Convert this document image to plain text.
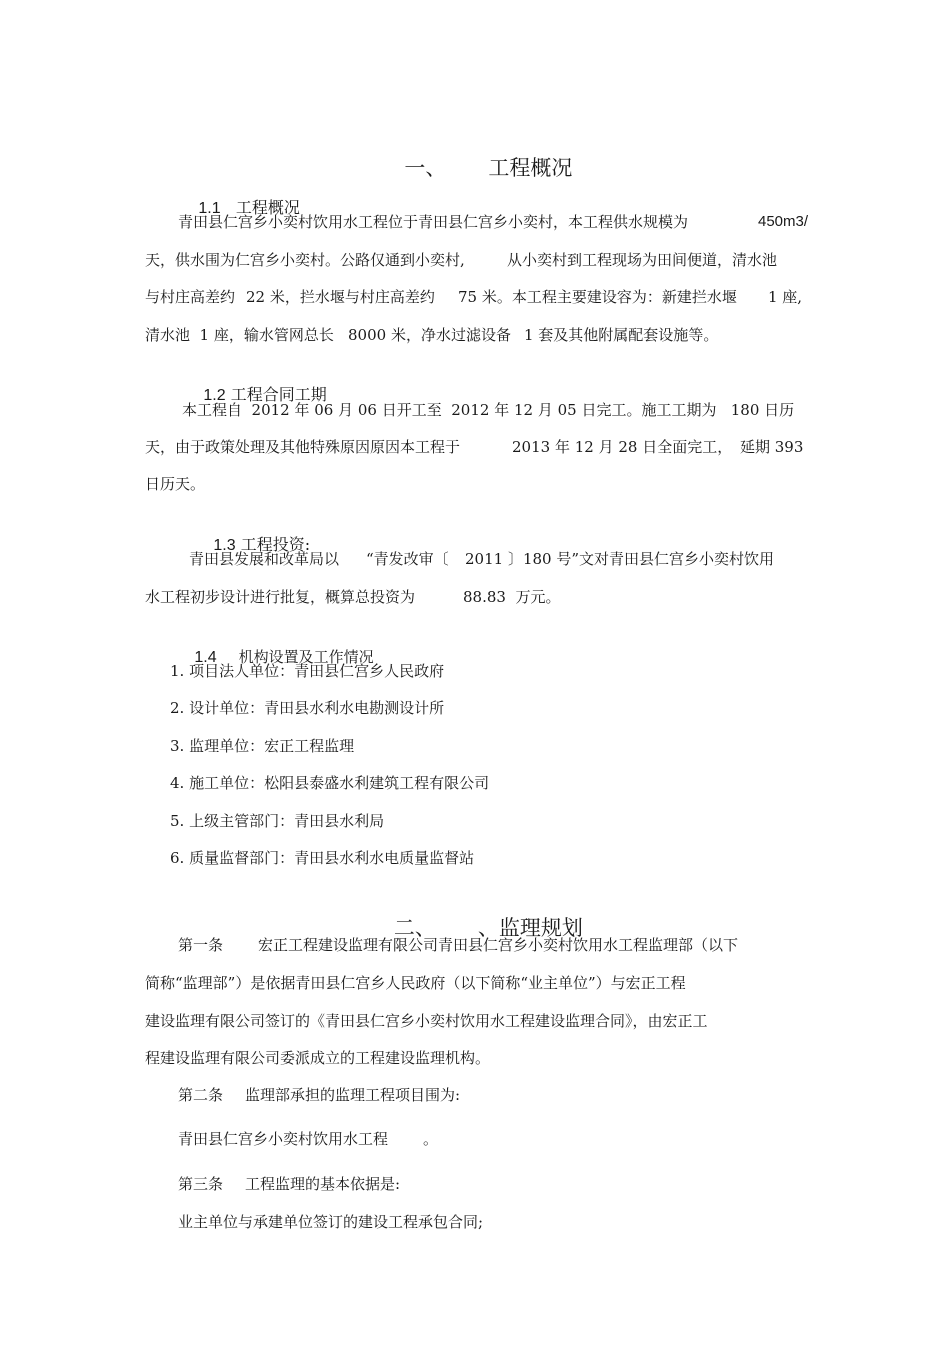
一、 工程概况

1.1 工程概况

青田县仁宫乡小奕村饮用水工程位于青田县仁宫乡小奕村，本工程供水规模为	450m3/
天，供水围为仁宫乡小奕村。公路仅通到小奕村,	从小奕村到工程现场为田间便道，清水池
与村庄高差约 22 米，拦水堰与村庄高差约 75 米。本工程主要建设容为：新建拦水堰 1 座,
清水池  1 座，输水管网总长 8000 米，净水过滤设备 1 套及其他附属配套设施等。

1.2 工程合同工期

本工程自  2012 年 06 月 06 日开工至  2012 年 12 月 05 日完工。施工工期为   180 日历
天，由于政策处理及其他特殊原因原因本工程于	2013 年 12 月 28 日全面完工， 延期 393
日历天。

1.3 工程投资:

青田县发展和改革局以 “青发改审〔 2011 〕180 号”文对青田县仁宫乡小奕村饮用
水工程初步设计进行批复，概算总投资为	88.83  万元。

1.4 机构设置及工作情况

1. 项目法人单位：青田县仁宫乡人民政府
2. 设计单位：青田县水利水电勘测设计所
3. 监理单位：宏正工程监理
4. 施工单位：松阳县泰盛水利建筑工程有限公司
5. 上级主管部门：青田县水利局
6. 质量监督部门：青田县水利水电质量监督站

二、 、监理规划

第一条 宏正工程建设监理有限公司青田县仁宫乡小奕村饮用水工程监理部（以下
简称“监理部”）是依据青田县仁宫乡人民政府（以下简称“业主单位”）与宏正工程
建设监理有限公司签订的《青田县仁宫乡小奕村饮用水工程建设监理合同》，由宏正工
程建设监理有限公司委派成立的工程建设监理机构。
第二条 监理部承担的监理工程项目围为:
青田县仁宫乡小奕村饮用水工程 。
第三条 工程监理的基本依据是:
业主单位与承建单位签订的建设工程承包合同;
